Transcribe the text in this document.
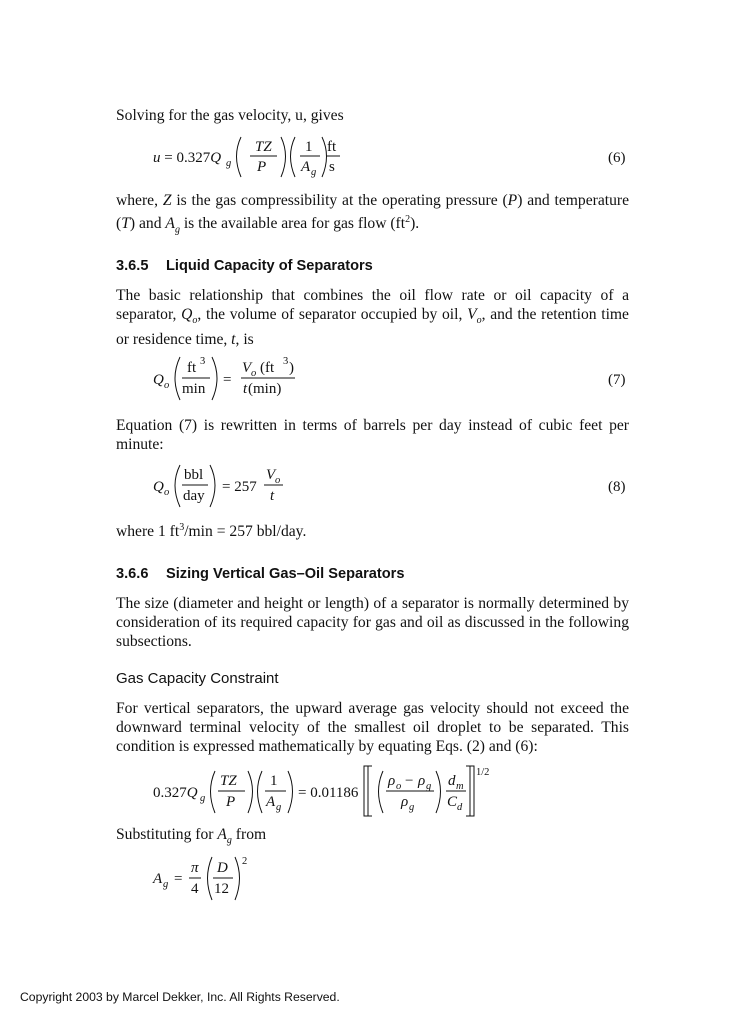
Solving for the gas velocity, u, gives

u = 0.327Q g
TZ
P
1
A g
ft
s
(6)

where, Z is the gas compressibility at the operating pressure (P) and temperature (T) and $A_g$ is the available area for gas flow $(ft^2)$.

3.6.5 Liquid Capacity of Separators

The basic relationship that combines the oil flow rate or oil capacity of a separator, $Q_o$, the volume of separator occupied by oil, $V_o$, and the retention time or residence time, t, is

Q o
ft 3
min
=
V o (ft 3 )
t (min)
(7)

Equation (7) is rewritten in terms of barrels per day instead of cubic feet per minute:

Q o
bbl
day
= 257
V o
t
(8)

where 1 $ft^3/\min = 257$ bbl/day.

3.6.6 Sizing Vertical Gas–Oil Separators

The size (diameter and height or length) of a separator is normally determined by consideration of its required capacity for gas and oil as discussed in the following subsections.

Gas Capacity Constraint

For vertical separators, the upward average gas velocity should not exceed the downward terminal velocity of the smallest oil droplet to be separated. This condition is expressed mathematically by equating Eqs. (2) and (6):

0.327Q g
TZ
P
1
A g
= 0.01186
ρ o − ρ g
ρ g
d m
C d
1/2

Substituting for $A_g$ from

A g =
π
4
D
12
2
Copyright 2003 by Marcel Dekker, Inc. All Rights Reserved.
